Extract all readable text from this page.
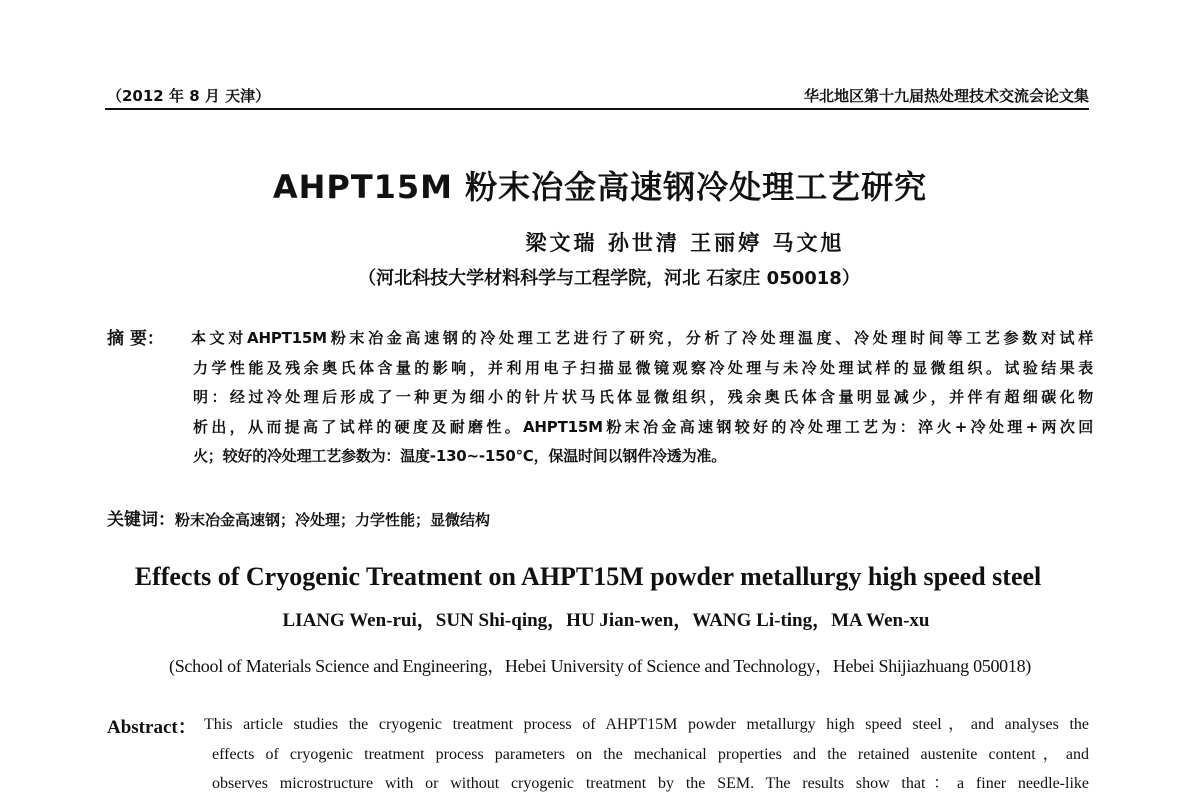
（2012 年 8 月 天津）	华北地区第十九届热处理技术交流会论文集
AHPT15M 粉末冶金高速钢冷处理工艺研究
梁文瑞 孙世清 王丽婷 马文旭
（河北科技大学材料科学与工程学院，河北 石家庄 050018）
摘 要： 本文对AHPT15M粉末冶金高速钢的冷处理工艺进行了研究，分析了冷处理温度、冷处理时间等工艺参数对试样
力学性能及残余奥氏体含量的影响，并利用电子扫描显微镜观察冷处理与未冷处理试样的显微组织。试验结果表
明：经过冷处理后形成了一种更为细小的针片状马氏体显微组织，残余奥氏体含量明显减少，并伴有超细碳化物
析出，从而提高了试样的硬度及耐磨性。AHPT15M粉末冶金高速钢较好的冷处理工艺为：淬火+冷处理+两次回
火；较好的冷处理工艺参数为：温度-130~-150℃，保温时间以钢件冷透为准。
关键词：粉末冶金高速钢；冷处理；力学性能；显微结构
Effects of Cryogenic Treatment on AHPT15M powder metallurgy high speed steel
LIANG Wen-rui，SUN Shi-qing，HU Jian-wen，WANG Li-ting，MA Wen-xu
(School of Materials Science and Engineering，Hebei University of Science and Technology，Hebei Shijiazhuang 050018)
Abstract： This article studies the cryogenic treatment process of AHPT15M powder metallurgy high speed steel，and analyses the
effects of cryogenic treatment process parameters on the mechanical properties and the retained austenite content，and
observes microstructure with or without cryogenic treatment by the SEM. The results show that：a finer needle-like
